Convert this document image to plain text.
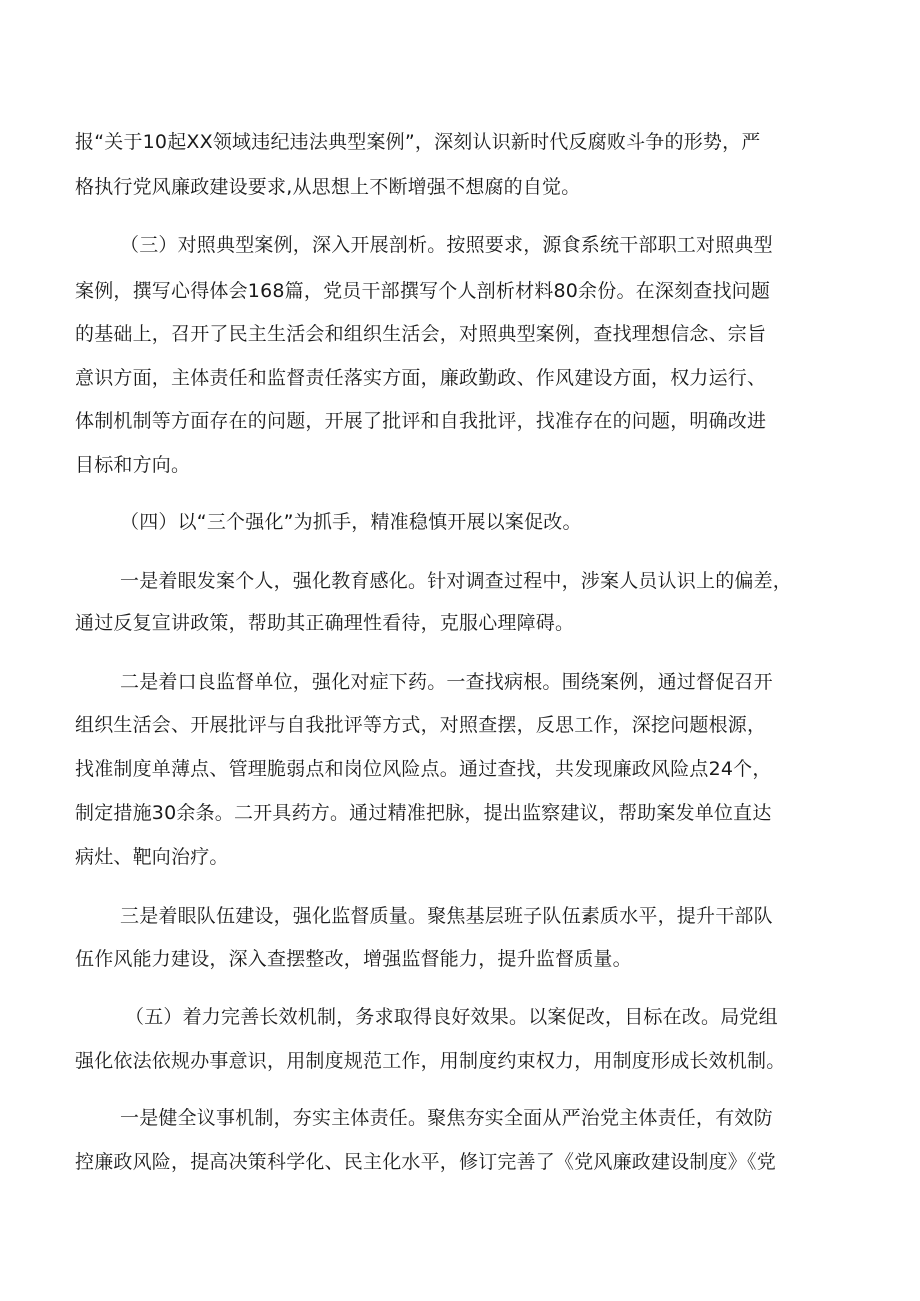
报“关于10起XX领域违纪违法典型案例”，深刻认识新时代反腐败斗争的形势，严
格执行党风廉政建设要求,从思想上不断增强不想腐的自觉。
（三）对照典型案例，深入开展剖析。按照要求，源食系统干部职工对照典型
案例，撰写心得体会168篇，党员干部撰写个人剖析材料80余份。在深刻查找问题
的基础上，召开了民主生活会和组织生活会，对照典型案例，查找理想信念、宗旨
意识方面，主体责任和监督责任落实方面，廉政勤政、作风建设方面，权力运行、
体制机制等方面存在的问题，开展了批评和自我批评，找准存在的问题，明确改进
目标和方向。
（四）以“三个强化”为抓手，精准稳慎开展以案促改。
一是着眼发案个人，强化教育感化。针对调查过程中，涉案人员认识上的偏差，
通过反复宣讲政策，帮助其正确理性看待，克服心理障碍。
二是着口良监督单位，强化对症下药。一查找病根。围绕案例，通过督促召开
组织生活会、开展批评与自我批评等方式，对照查摆，反思工作，深挖问题根源，
找准制度单薄点、管理脆弱点和岗位风险点。通过查找，共发现廉政风险点24个，
制定措施30余条。二开具药方。通过精准把脉，提出监察建议，帮助案发单位直达
病灶、靶向治疗。
三是着眼队伍建设，强化监督质量。聚焦基层班子队伍素质水平，提升干部队
伍作风能力建设，深入查摆整改，增强监督能力，提升监督质量。
（五）着力完善长效机制，务求取得良好效果。以案促改，目标在改。局党组
强化依法依规办事意识，用制度规范工作，用制度约束权力，用制度形成长效机制。
一是健全议事机制，夯实主体责任。聚焦夯实全面从严治党主体责任，有效防
控廉政风险，提高决策科学化、民主化水平，修订完善了《党风廉政建设制度》《党
